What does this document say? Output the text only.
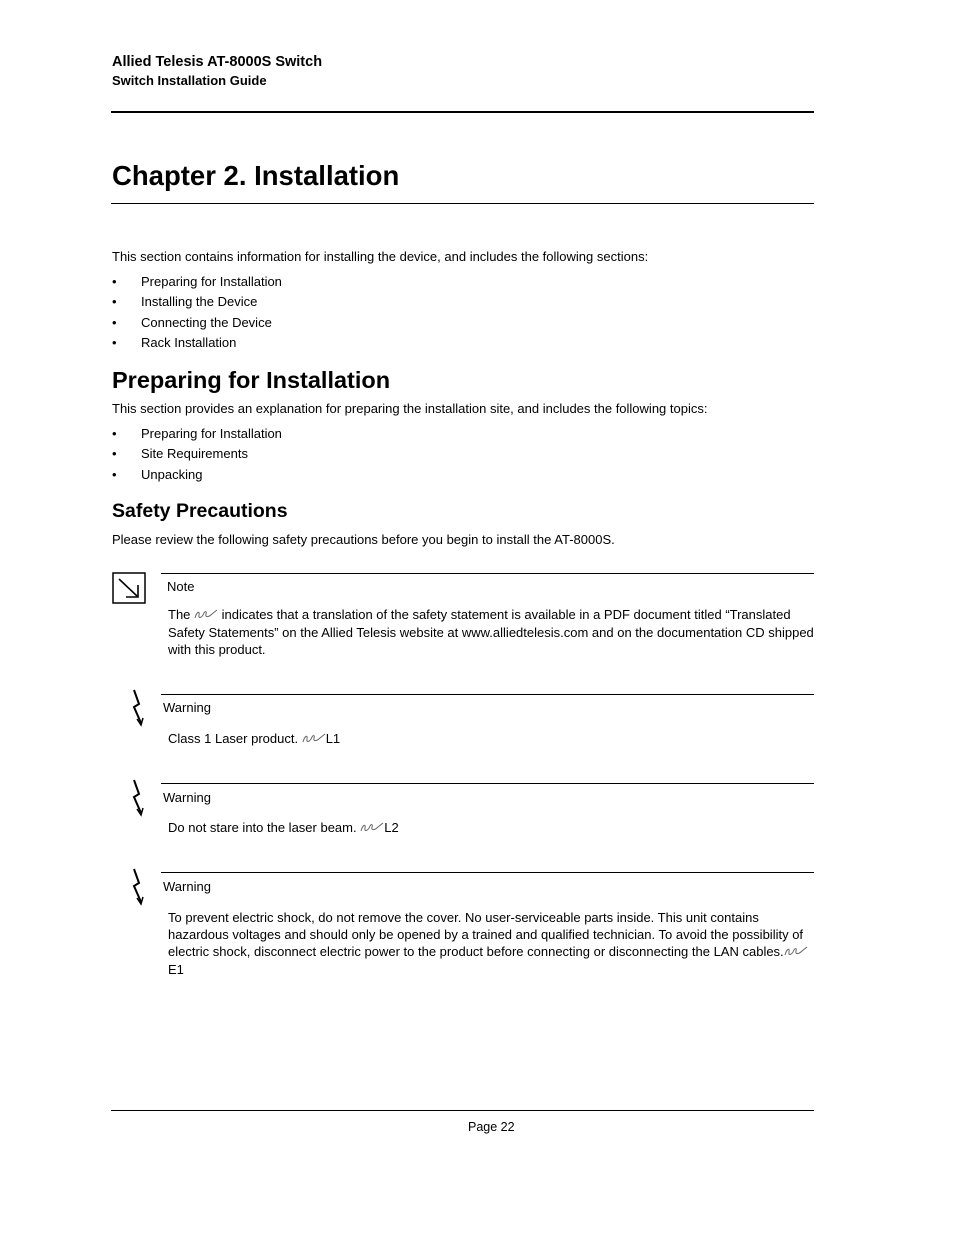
Allied Telesis AT-8000S Switch
Switch Installation Guide
Chapter 2. Installation
This section contains information for installing the device, and includes the following sections:
• Preparing for Installation
• Installing the Device
• Connecting the Device
• Rack Installation
Preparing for Installation
This section provides an explanation for preparing the installation site, and includes the following topics:
• Preparing for Installation
• Site Requirements
• Unpacking
Safety Precautions
Please review the following safety precautions before you begin to install the AT-8000S.
Note
The indicates that a translation of the safety statement is available in a PDF document titled “Translated Safety Statements” on the Allied Telesis website at www.alliedtelesis.com and on the documentation CD shipped with this product.
Warning
Class 1 Laser product. L1
Warning
Do not stare into the laser beam. L2
Warning
To prevent electric shock, do not remove the cover. No user-serviceable parts inside. This unit contains hazardous voltages and should only be opened by a trained and qualified technician. To avoid the possibility of electric shock, disconnect electric power to the product before connecting or disconnecting the LAN cables.E1
Page 22
